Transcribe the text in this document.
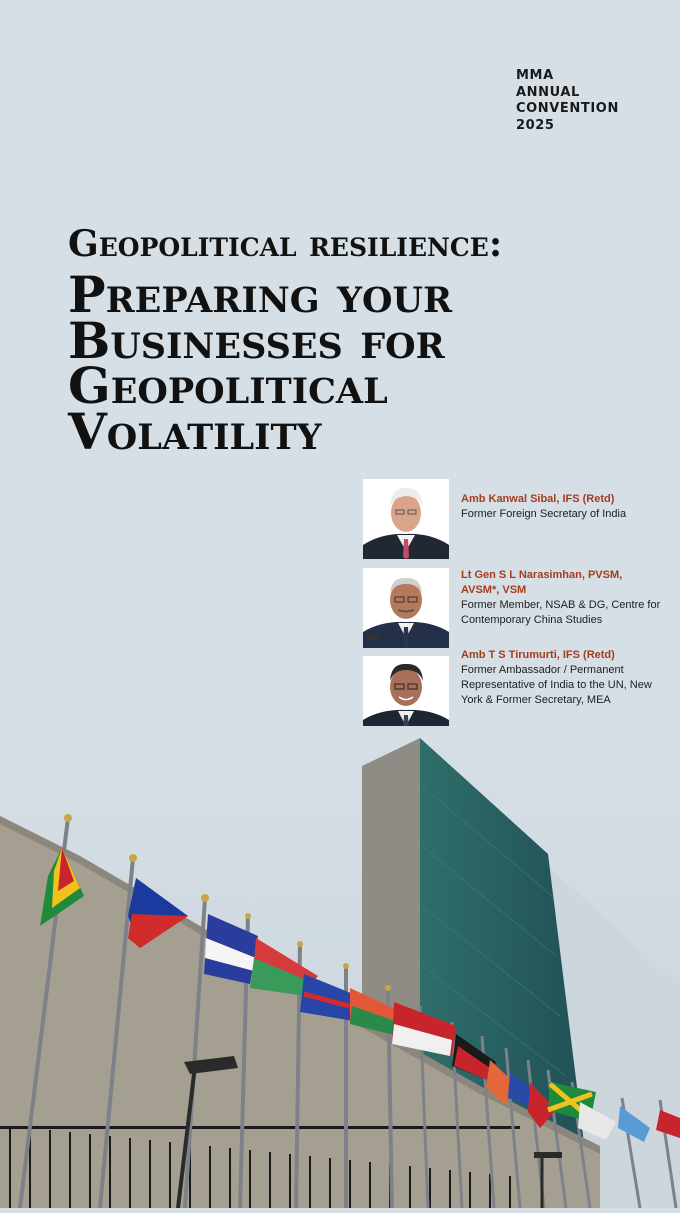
MMA
ANNUAL
CONVENTION
2025
Geopolitical resilience:
Preparing your Businesses for Geopolitical Volatility
Amb Kanwal Sibal, IFS (Retd)
Former Foreign Secretary of India
Lt Gen S L Narasimhan, PVSM, AVSM*, VSM
Former Member, NSAB & DG, Centre for Contemporary China Studies
Amb T S Tirumurti, IFS (Retd)
Former Ambassador / Permanent Representative of India to the UN, New York & Former Secretary, MEA
